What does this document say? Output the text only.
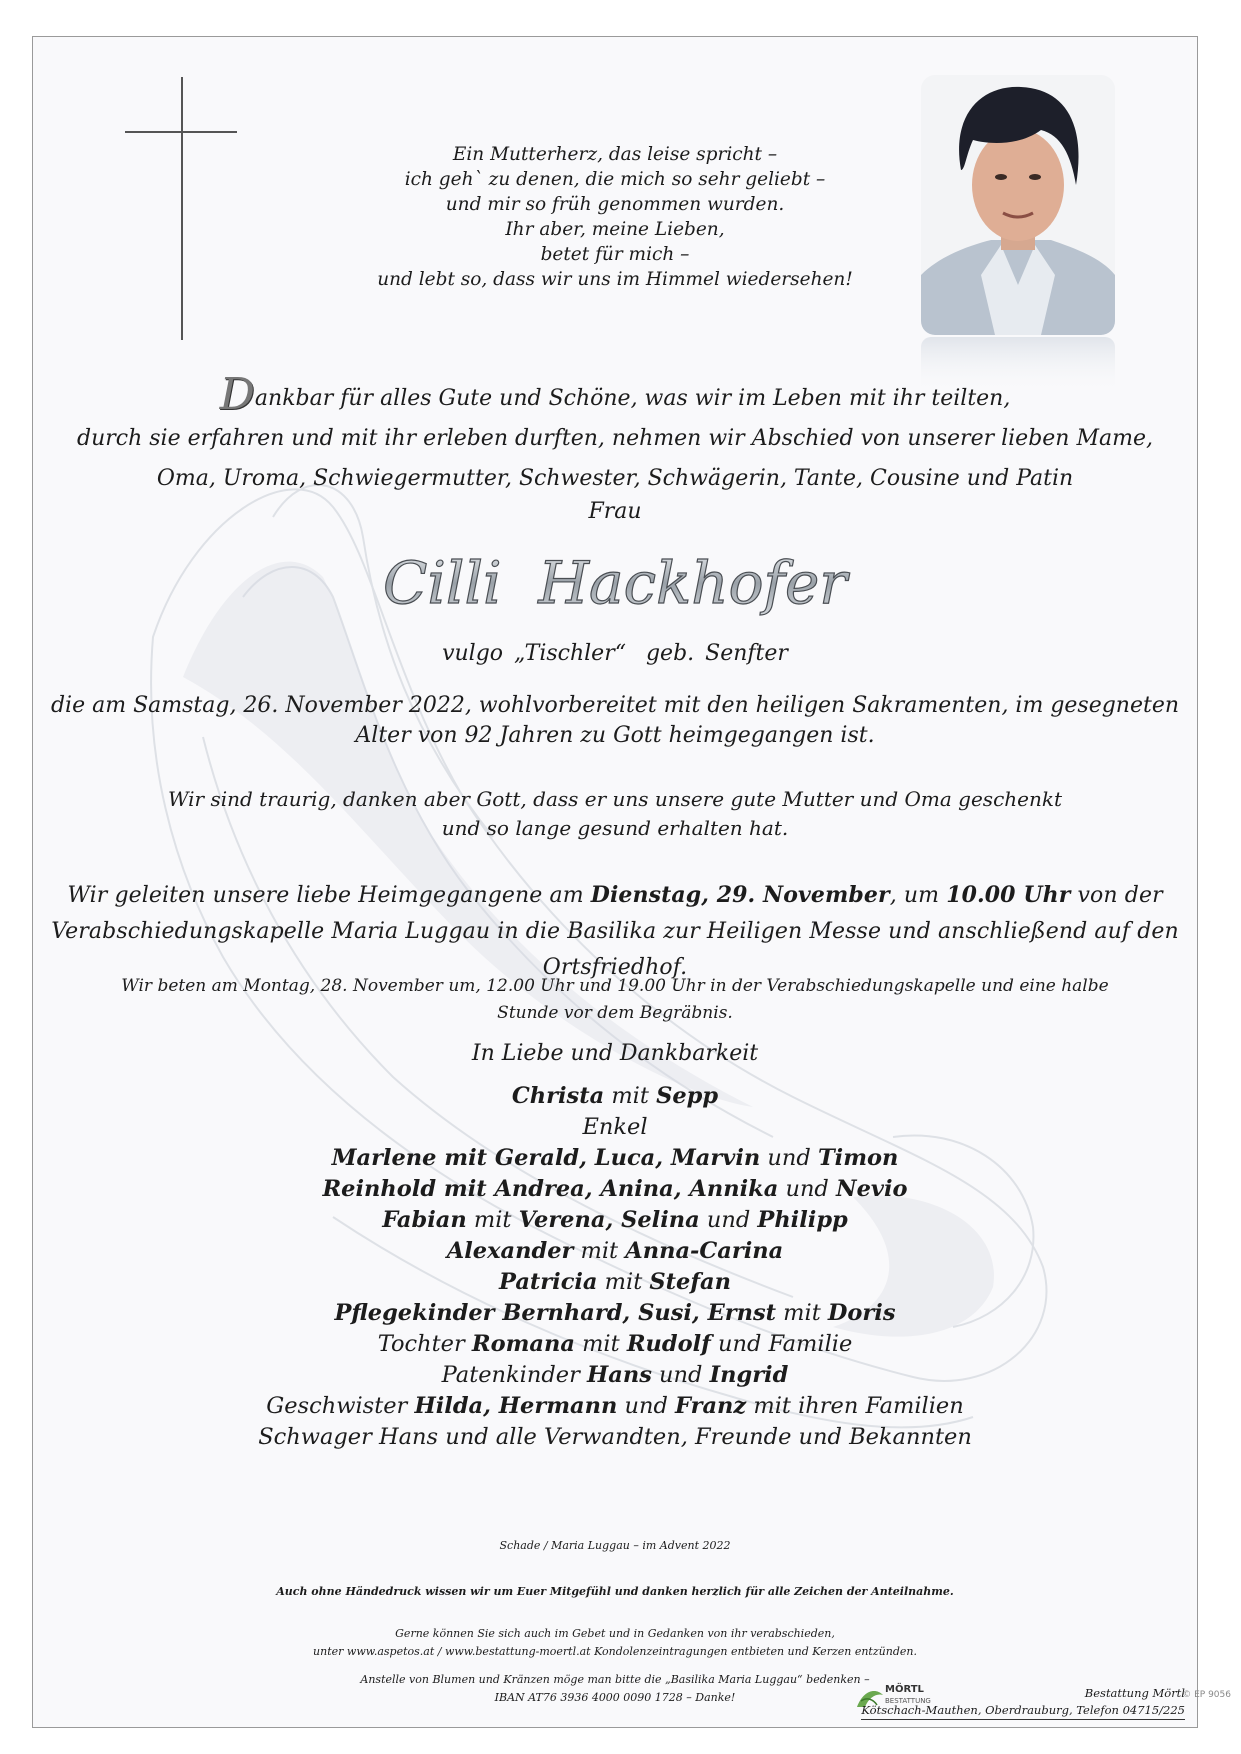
Ein Mutterherz, das leise spricht –
ich geh` zu denen, die mich so sehr geliebt –
und mir so früh genommen wurden.
Ihr aber, meine Lieben,
betet für mich –
und lebt so, dass wir uns im Himmel wiedersehen!
Dankbar für alles Gute und Schöne, was wir im Leben mit ihr teilten,
durch sie erfahren und mit ihr erleben durften, nehmen wir Abschied von unserer lieben Mame,
Oma, Uroma, Schwiegermutter, Schwester, Schwägerin, Tante, Cousine und Patin
Frau
Cilli  Hackhofer
vulgo „Tischler“ geb. Senfter
die am Samstag, 26. November 2022, wohlvorbereitet mit den heiligen Sakramenten, im gesegneten
Alter von 92 Jahren zu Gott heimgegangen ist.
Wir sind traurig, danken aber Gott, dass er uns unsere gute Mutter und Oma geschenkt
und so lange gesund erhalten hat.
Wir geleiten unsere liebe Heimgegangene am Dienstag, 29. November, um 10.00 Uhr von der
Verabschiedungskapelle Maria Luggau in die Basilika zur Heiligen Messe und anschließend auf den Ortsfriedhof.
Wir beten am Montag, 28. November um, 12.00 Uhr und 19.00 Uhr in der Verabschiedungskapelle und eine halbe
Stunde vor dem Begräbnis.
In Liebe und Dankbarkeit
Christa mit Sepp
Enkel
Marlene mit Gerald, Luca, Marvin und Timon
Reinhold mit Andrea, Anina, Annika und Nevio
Fabian mit Verena, Selina und Philipp
Alexander mit Anna-Carina
Patricia mit Stefan
Pflegekinder Bernhard, Susi, Ernst mit Doris
Tochter Romana mit Rudolf und Familie
Patenkinder Hans und Ingrid
Geschwister Hilda, Hermann und Franz mit ihren Familien
Schwager Hans und alle Verwandten, Freunde und Bekannten
Schade / Maria Luggau – im Advent 2022
Auch ohne Händedruck wissen wir um Euer Mitgefühl und danken herzlich für alle Zeichen der Anteilnahme.
Gerne können Sie sich auch im Gebet und in Gedanken von ihr verabschieden,
unter www.aspetos.at / www.bestattung-moertl.at Kondolenzeintragungen entbieten und Kerzen entzünden.
Anstelle von Blumen und Kränzen möge man bitte die „Basilika Maria Luggau“ bedenken –
IBAN AT76 3936 4000 0090 1728 – Danke!
MÖRTL
BESTATTUNG
Bestattung Mörtl
Kötschach-Mauthen, Oberdrauburg, Telefon 04715/225
© EP 9056
